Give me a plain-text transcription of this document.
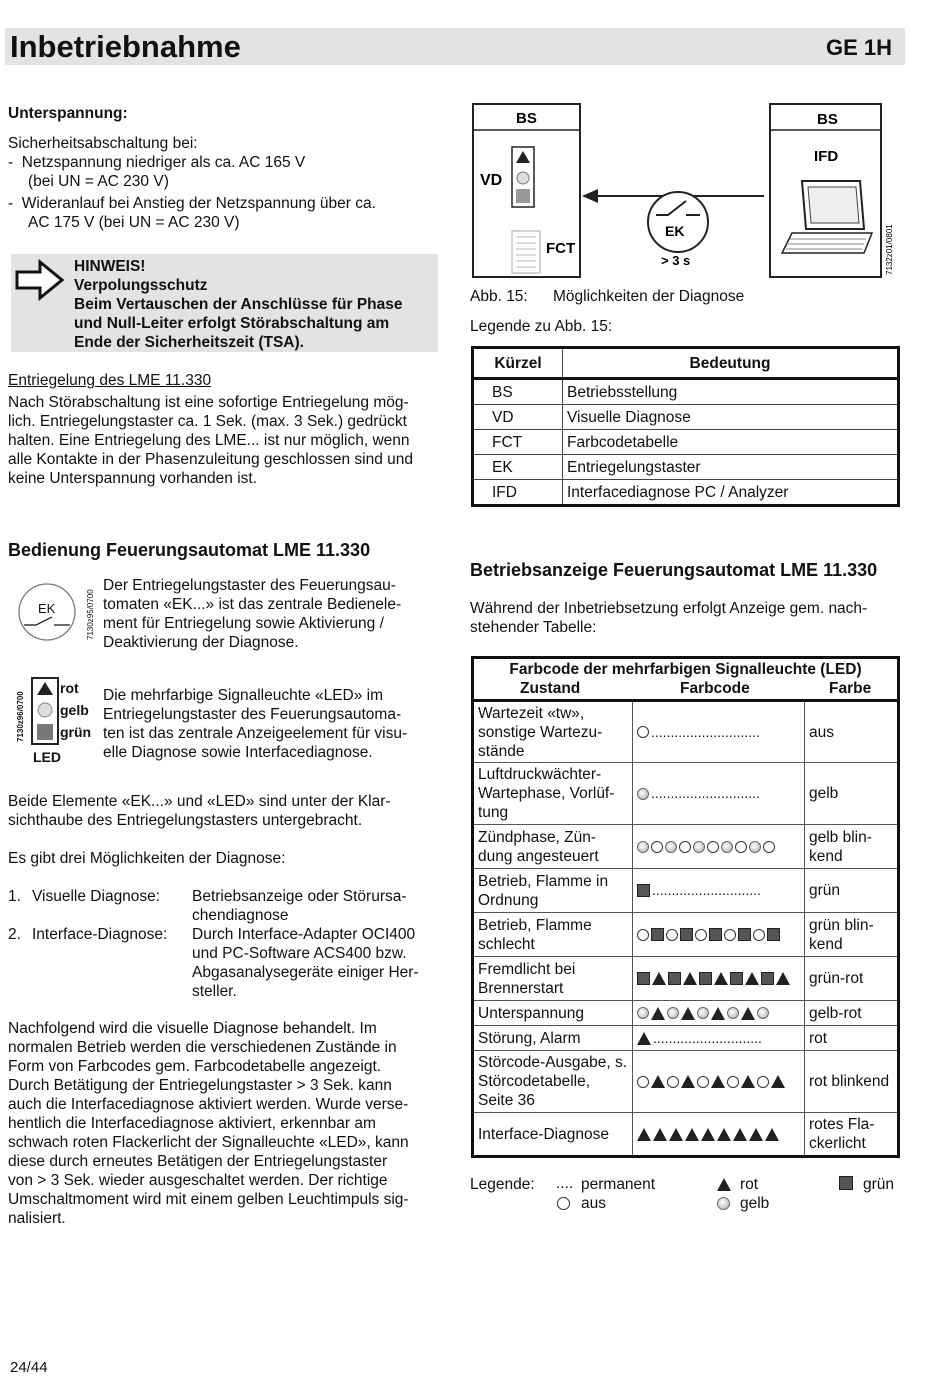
Inbetriebnahme	GE 1H

Unterspannung:

Sicherheitsabschaltung bei:

-  Netzspannung niedriger als ca. AC 165 V
(bei UN = AC 230 V)
-  Wideranlauf bei Anstieg der Netzspannung über ca.
AC 175 V (bei UN = AC 230 V)
HINWEIS!
Verpolungsschutz
Beim Vertauschen der Anschlüsse für Phase
und Null-Leiter erfolgt Störabschaltung am
Ende der Sicherheitszeit (TSA).

Entriegelung des LME 11.330

Nach Störabschaltung ist eine sofortige Entriegelung mög-
lich. Entriegelungstaster ca. 1 Sek. (max. 3 Sek.) gedrückt
halten. Eine Entriegelung des LME... ist nur möglich, wenn
alle Kontakte in der Phasenzuleitung geschlossen sind und
keine Unterspannung vorhanden ist.
Bedienung Feuerungsautomat LME 11.330
EK	7130z95/0700
Der Entriegelungstaster des Feuerungsau-
tomaten «EK...» ist das zentrale Bedienele-
ment für Entriegelung sowie Aktivierung /
Deaktivierung der Diagnose.
7130z96/0700
rot
gelb
grün
LED
Die mehrfarbige Signalleuchte «LED» im
Entriegelungstaster des Feuerungsautoma-
ten ist das zentrale Anzeigeelement für visu-
elle Diagnose sowie Interfacediagnose.
Beide Elemente «EK...» und «LED» sind unter der Klar-
sichthaube des Entriegelungstasters untergebracht.

Es gibt drei Möglichkeiten der Diagnose:

1. Visuelle Diagnose: Betriebsanzeige oder Störursa-
chendiagnose
2. Interface-Diagnose: Durch Interface-Adapter OCI400
und PC-Software ACS400 bzw.
Abgasanalysegeräte einiger Her-
steller.
Nachfolgend wird die visuelle Diagnose behandelt. Im
normalen Betrieb werden die verschiedenen Zustände in
Form von Farbcodes gem. Farbcodetabelle angezeigt.
Durch Betätigung der Entriegelungstaster > 3 Sek. kann
auch die Interfacediagnose aktiviert werden. Wurde verse-
hentlich die Interfacediagnose aktiviert, erkennbar am
schwach roten Flackerlicht der Signalleuchte «LED», kann
diese durch erneutes Betätigen der Entriegelungstaster
von > 3 Sek. wieder ausgeschaltet werden. Der richtige
Umschaltmoment wird mit einem gelben Leuchtimpuls sig-
nalisiert.
BS
VD
FCT
EK
> 3 s
BS
IFD
7132z01/0801
Abb. 15: Möglichkeiten der Diagnose

Legende zu Abb. 15:

Kürzel	Bedeutung
BS	Betriebsstellung
VD	Visuelle Diagnose
FCT	Farbcodetabelle
EK	Entriegelungstaster
IFD	Interfacediagnose PC / Analyzer
Betriebsanzeige Feuerungsautomat LME 11.330
Während der Inbetriebsetzung erfolgt Anzeige gem. nach-
stehender Tabelle:
Farbcode der mehrfarbigen Signalleuchte (LED)
Zustand Farbcode Farbe		

Wartezeit «tw», sonstige Wartezu-stände	............................	aus
Luftdruckwächter-Wartephase, Vorlüf-tung	............................	gelb
Zündphase, Zün-dung angesteuert		gelb blin-kend
Betrieb, Flamme in Ordnung	............................	grün
Betrieb, Flamme schlecht		grün blin-kend
Fremdlicht bei Brennerstart		grün-rot
Unterspannung		gelb-rot
Störung, Alarm	............................	rot
Störcode-Ausgabe, s. Störcodetabelle, Seite 36		rot blinkend
Interface-Diagnose		rotes Fla-ckerlicht
Legende: .... permanent	rot	grün
aus	gelb
24/44
